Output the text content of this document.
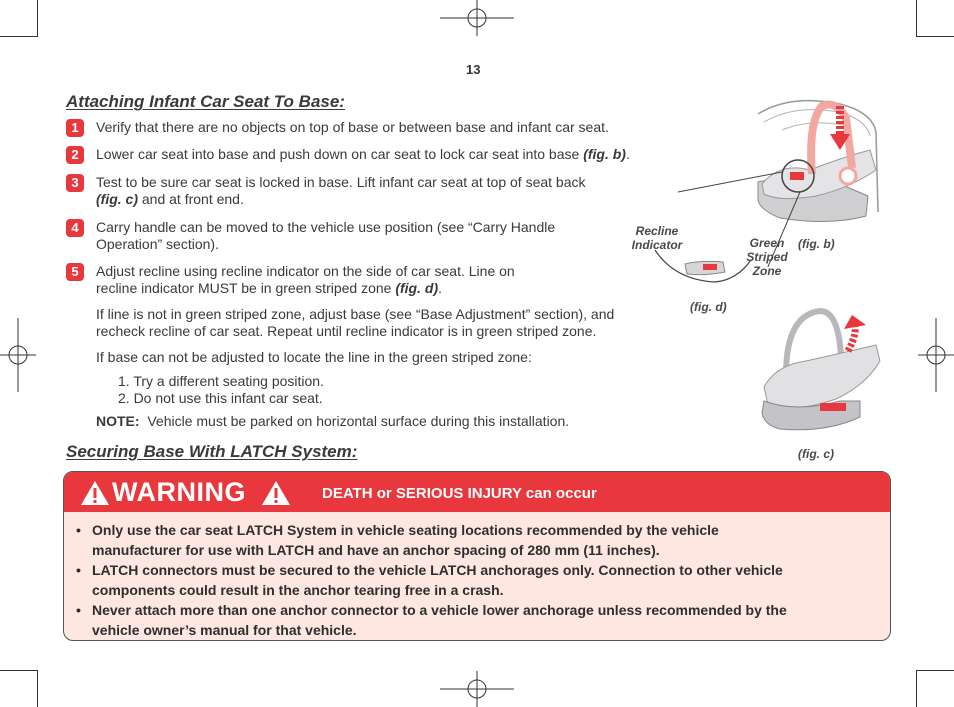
13
Attaching Infant Car Seat To Base:
1	Verify that there are no objects on top of base or between base and infant car seat.
2	Lower car seat into base and push down on car seat to lock car seat into base (fig. b).
3	Test to be sure car seat is locked in base. Lift infant car seat at top of seat back
(fig. c) and at front end.
4	Carry handle can be moved to the vehicle use position (see “Carry Handle
Operation” section).
5	Adjust recline using recline indicator on the side of car seat. Line on
recline indicator MUST be in green striped zone (fig. d).
If line is not in green striped zone, adjust base (see “Base Adjustment” section), and
recheck recline of car seat. Repeat until recline indicator is in green striped zone.
If base can not be adjusted to locate the line in the green striped zone:
1. Try a different seating position.
2. Do not use this infant car seat.
NOTE: Vehicle must be parked on horizontal surface during this installation.
Securing Base With LATCH System:
Recline
Indicator	Green
Striped
Zone
(fig. b)
(fig. d)
(fig. c)
WARNING	DEATH or SERIOUS INJURY can occur
• Only use the car seat LATCH System in vehicle seating locations recommended by the vehicle
manufacturer for use with LATCH and have an anchor spacing of 280 mm (11 inches).
• LATCH connectors must be secured to the vehicle LATCH anchorages only. Connection to other vehicle
components could result in the anchor tearing free in a crash.
• Never attach more than one anchor connector to a vehicle lower anchorage unless recommended by the
vehicle owner’s manual for that vehicle.
